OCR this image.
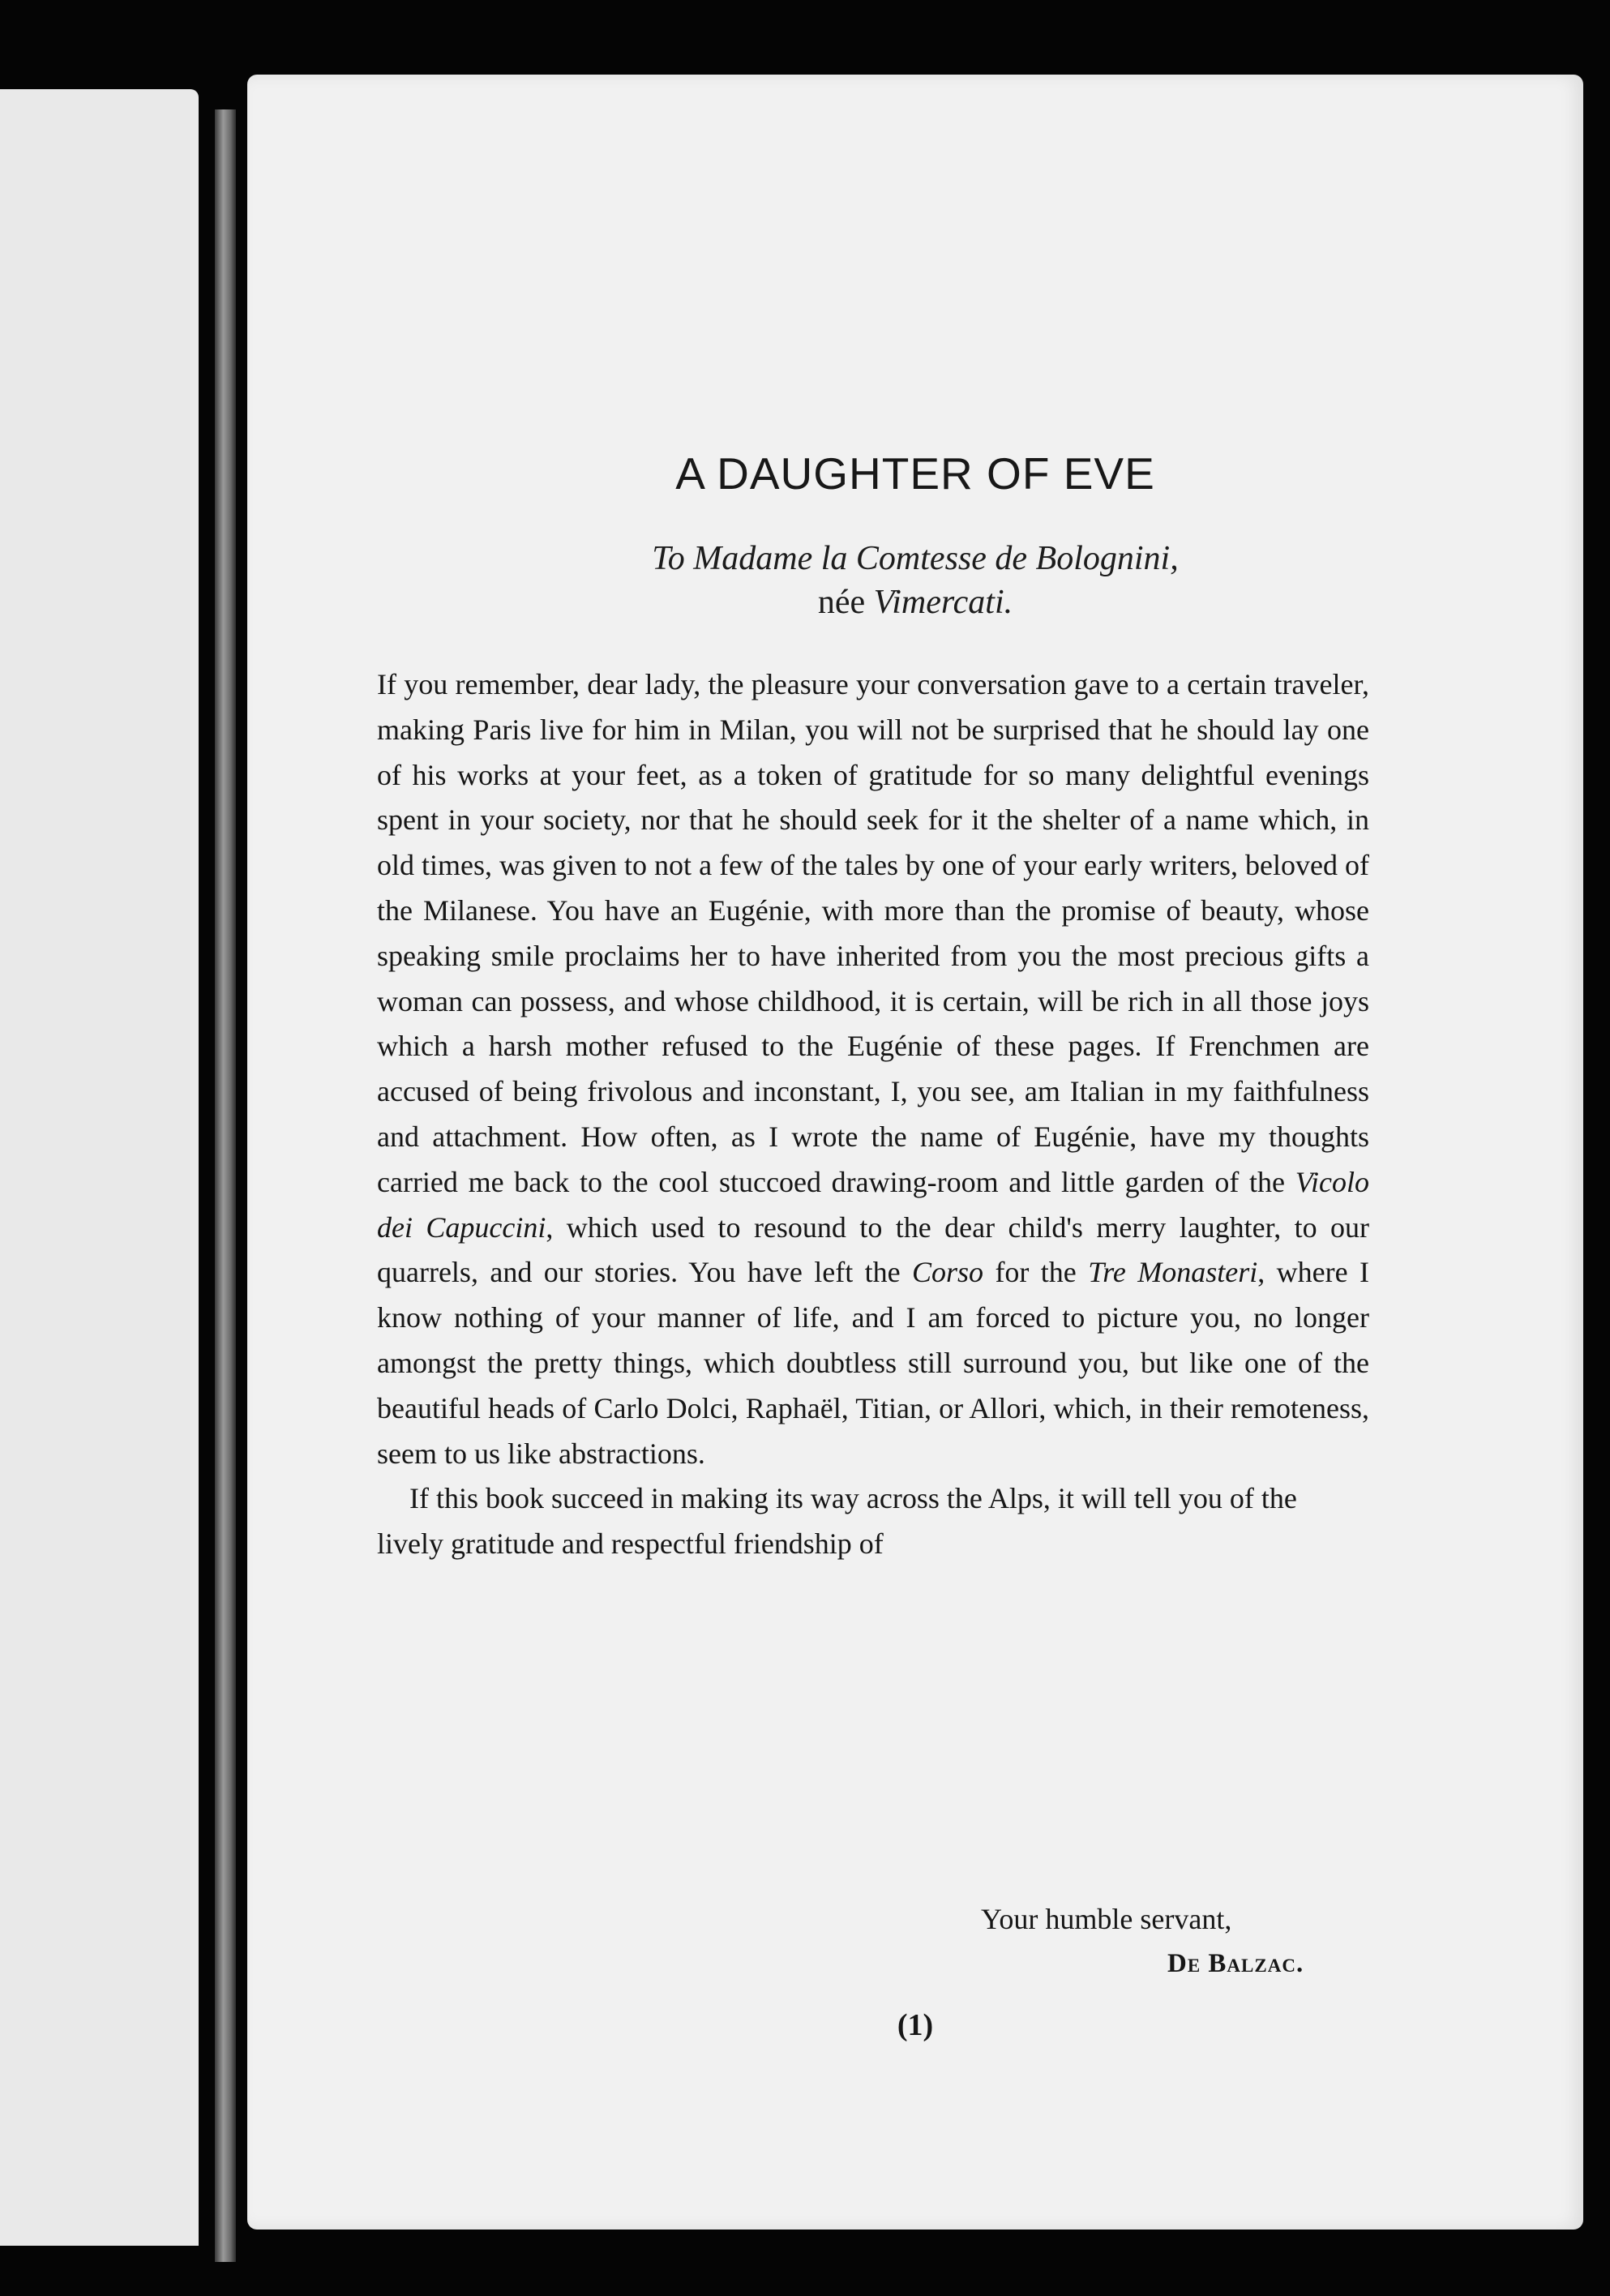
A DAUGHTER OF EVE
To Madame la Comtesse de Bolognini,
née Vimercati.

If you remember, dear lady, the pleasure your conversation gave to a certain traveler, making Paris live for him in Milan, you will not be surprised that he should lay one of his works at your feet, as a token of gratitude for so many delightful evenings spent in your society, nor that he should seek for it the shelter of a name which, in old times, was given to not a few of the tales by one of your early writers, beloved of the Milanese. You have an Eugénie, with more than the promise of beauty, whose speaking smile proclaims her to have inherited from you the most precious gifts a woman can possess, and whose childhood, it is certain, will be rich in all those joys which a harsh mother refused to the Eugénie of these pages. If Frenchmen are accused of being frivolous and inconstant, I, you see, am Italian in my faithfulness and attachment. How often, as I wrote the name of Eugénie, have my thoughts carried me back to the cool stuccoed drawing-room and little garden of the Vicolo dei Capuccini, which used to resound to the dear child's merry laughter, to our quarrels, and our stories. You have left the Corso for the Tre Monasteri, where I know nothing of your manner of life, and I am forced to picture you, no longer amongst the pretty things, which doubtless still surround you, but like one of the beautiful heads of Carlo Dolci, Raphaël, Titian, or Allori, which, in their remoteness, seem to us like abstractions.

If this book succeed in making its way across the Alps, it will tell you of the lively gratitude and respectful friendship of

Your humble servant,
De Balzac.
(1)
